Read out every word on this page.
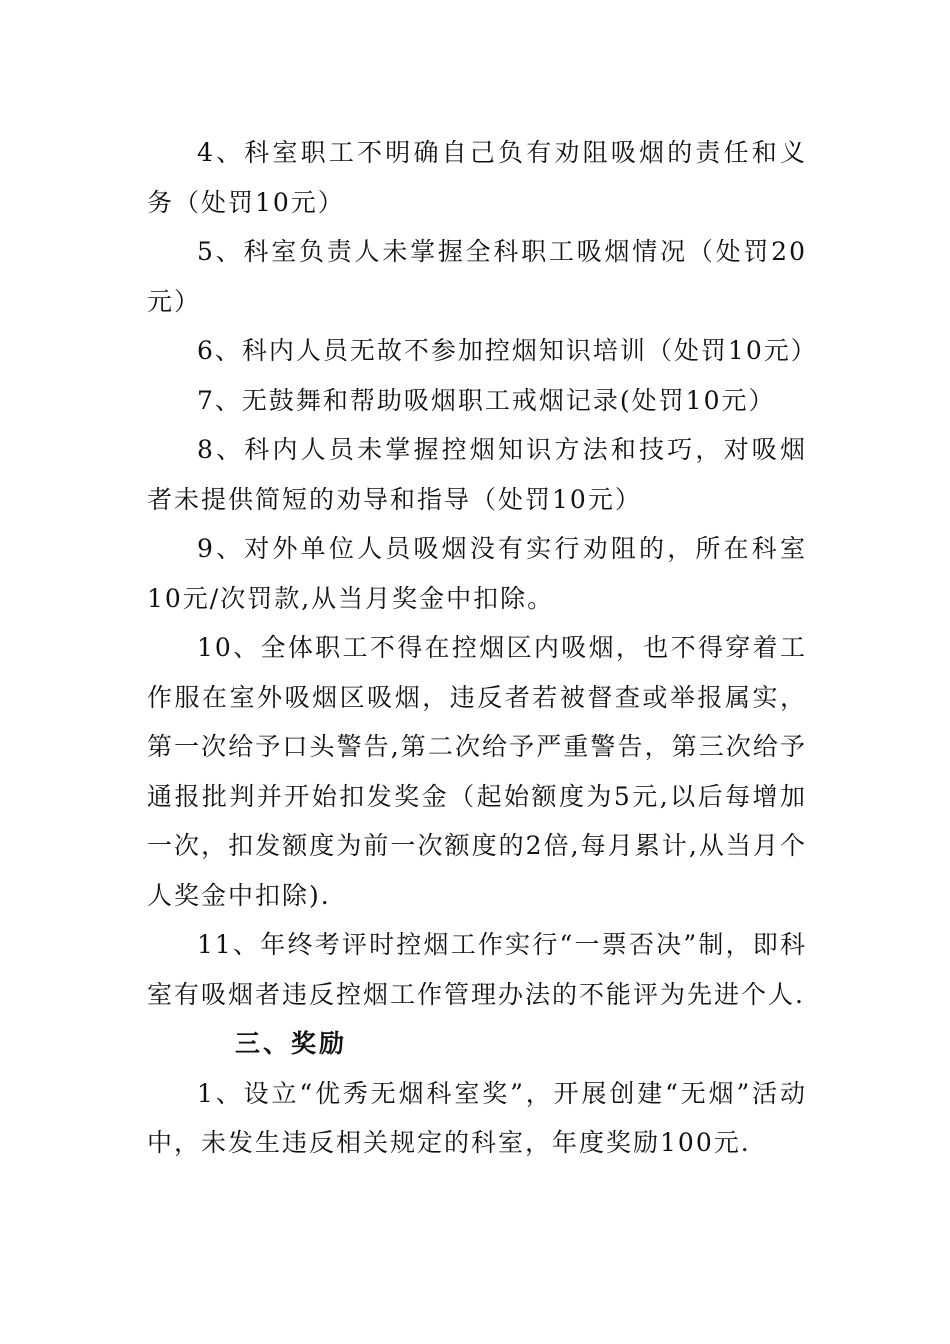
4、科室职工不明确自己负有劝阻吸烟的责任和义务（处罚10元）

5、科室负责人未掌握全科职工吸烟情况（处罚20元）

6、科内人员无故不参加控烟知识培训（处罚10元）

7、无鼓舞和帮助吸烟职工戒烟记录(处罚10元）

8、科内人员未掌握控烟知识方法和技巧，对吸烟者未提供简短的劝导和指导（处罚10元）

9、对外单位人员吸烟没有实行劝阻的，所在科室10元/次罚款,从当月奖金中扣除。

10、全体职工不得在控烟区内吸烟，也不得穿着工作服在室外吸烟区吸烟，违反者若被督查或举报属实，第一次给予口头警告,第二次给予严重警告，第三次给予通报批判并开始扣发奖金（起始额度为5元,以后每增加一次，扣发额度为前一次额度的2倍,每月累计,从当月个人奖金中扣除).

11、年终考评时控烟工作实行“一票否决”制，即科室有吸烟者违反控烟工作管理办法的不能评为先进个人.

三、奖励

1、设立“优秀无烟科室奖”，开展创建“无烟”活动中，未发生违反相关规定的科室，年度奖励100元.
